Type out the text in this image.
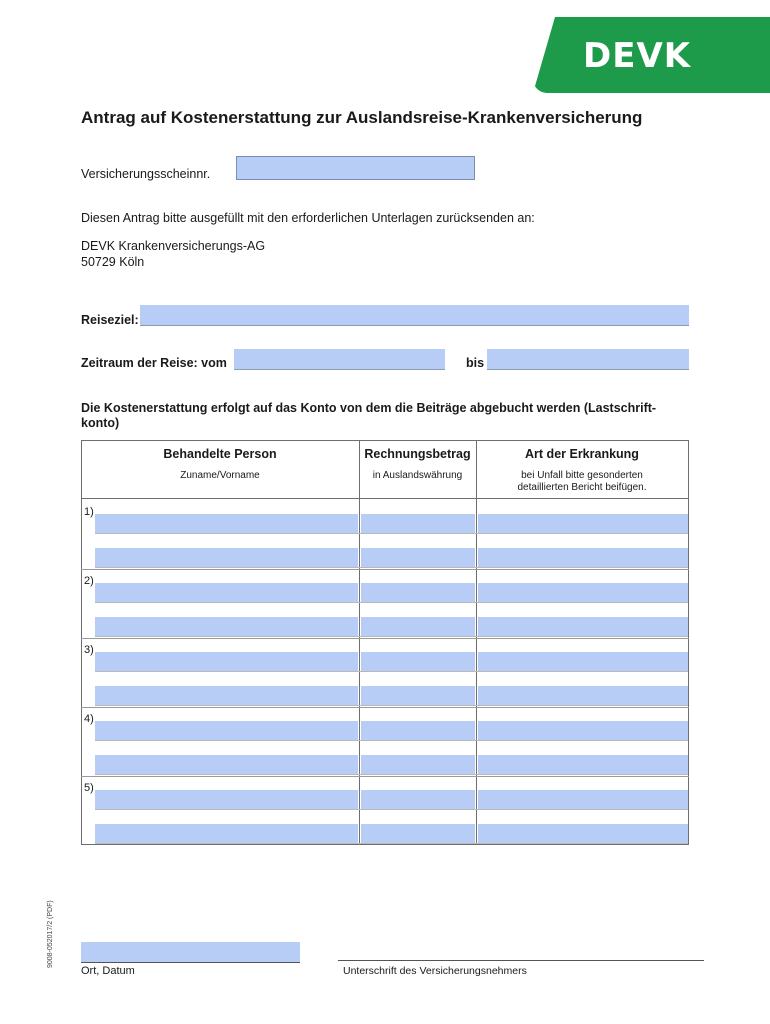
DEVK
Antrag auf Kostenerstattung zur Auslandsreise-Krankenversicherung
Versicherungsscheinnr.
Diesen Antrag bitte ausgefüllt mit den erforderlichen Unterlagen zurücksenden an:
DEVK Krankenversicherungs-AG
50729 Köln
Reiseziel:
Zeitraum der Reise: vom	bis
Die Kostenerstattung erfolgt auf das Konto von dem die Beiträge abgebucht werden (Lastschrift-
konto)
Behandelte Person
Zuname/Vorname
Rechnungsbetrag
in Auslandswährung
Art der Erkrankung
bei Unfall bitte gesonderten
detaillierten Bericht beifügen.
1)
2)
3)
4)
5)
9008-052017/2 (PDF)
Ort, Datum	Unterschrift des Versicherungsnehmers
